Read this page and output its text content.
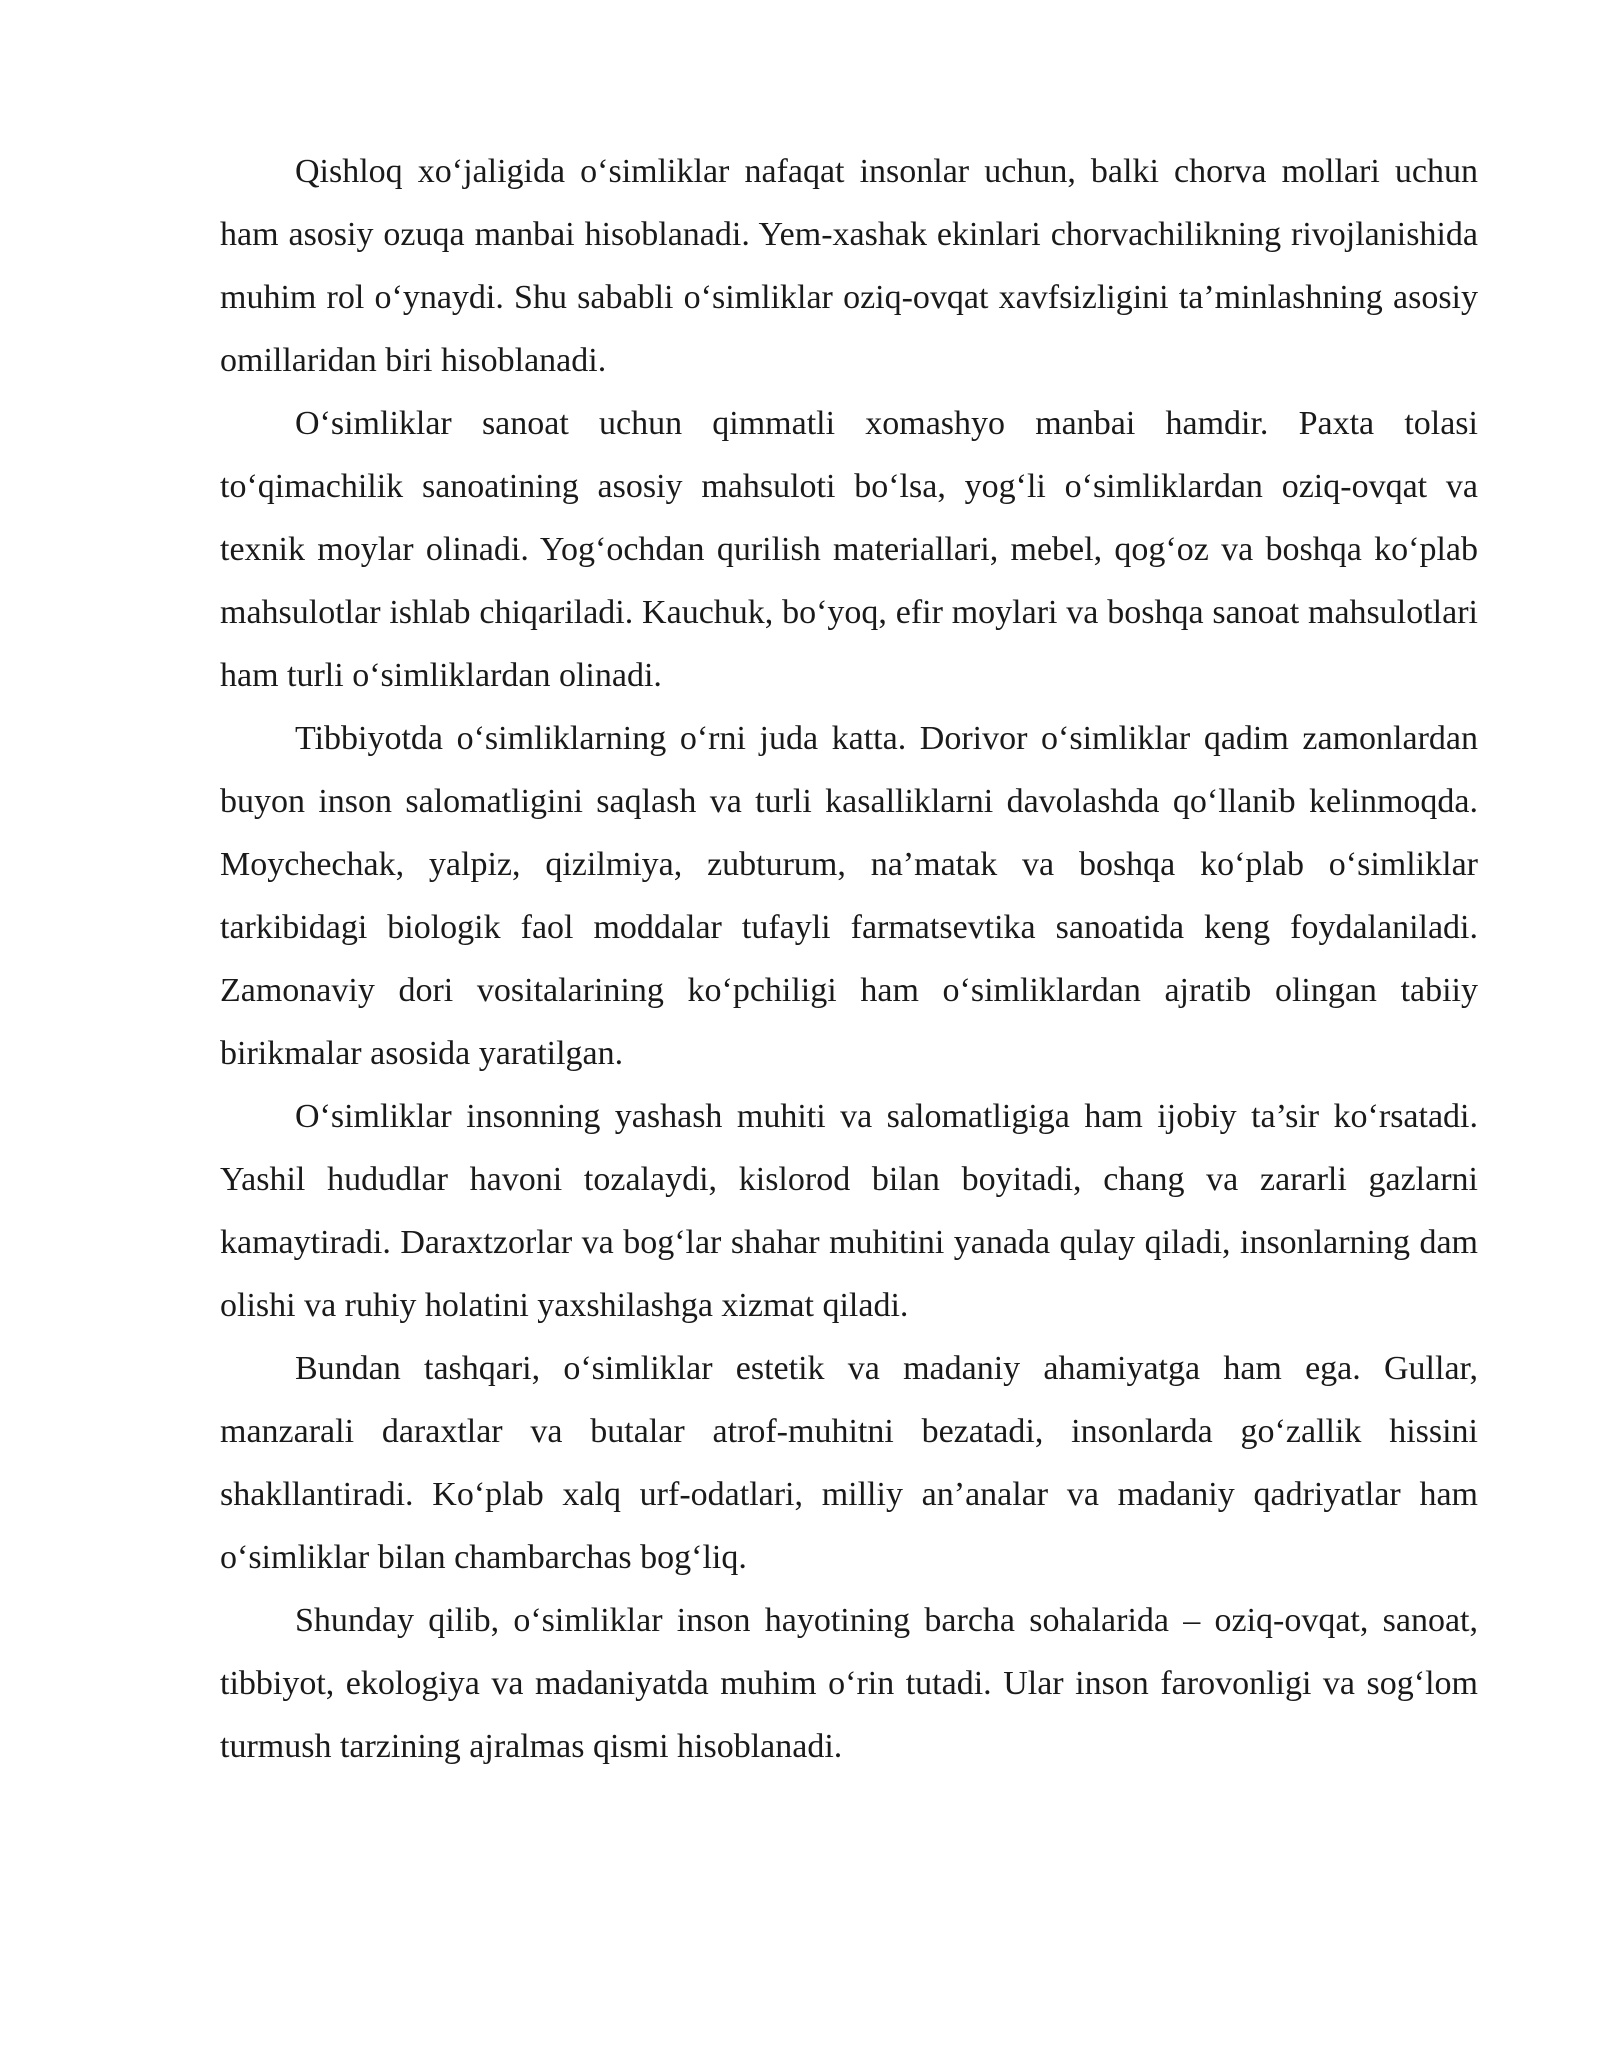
Qishloq xo‘jaligida o‘simliklar nafaqat insonlar uchun, balki chorva mollari uchun ham asosiy ozuqa manbai hisoblanadi. Yem-xashak ekinlari chorvachilikning rivojlanishida muhim rol o‘ynaydi. Shu sababli o‘simliklar oziq-ovqat xavfsizligini ta’minlashning asosiy omillaridan biri hisoblanadi.

O‘simliklar sanoat uchun qimmatli xomashyo manbai hamdir. Paxta tolasi to‘qimachilik sanoatining asosiy mahsuloti bo‘lsa, yog‘li o‘simliklardan oziq-ovqat va texnik moylar olinadi. Yog‘ochdan qurilish materiallari, mebel, qog‘oz va boshqa ko‘plab mahsulotlar ishlab chiqariladi. Kauchuk, bo‘yoq, efir moylari va boshqa sanoat mahsulotlari ham turli o‘simliklardan olinadi.

Tibbiyotda o‘simliklarning o‘rni juda katta. Dorivor o‘simliklar qadim zamonlardan buyon inson salomatligini saqlash va turli kasalliklarni davolashda qo‘llanib kelinmoqda. Moychechak, yalpiz, qizilmiya, zubturum, na’matak va boshqa ko‘plab o‘simliklar tarkibidagi biologik faol moddalar tufayli farmatsevtika sanoatida keng foydalaniladi. Zamonaviy dori vositalarining ko‘pchiligi ham o‘simliklardan ajratib olingan tabiiy birikmalar asosida yaratilgan.

O‘simliklar insonning yashash muhiti va salomatligiga ham ijobiy ta’sir ko‘rsatadi. Yashil hududlar havoni tozalaydi, kislorod bilan boyitadi, chang va zararli gazlarni kamaytiradi. Daraxtzorlar va bog‘lar shahar muhitini yanada qulay qiladi, insonlarning dam olishi va ruhiy holatini yaxshilashga xizmat qiladi.

Bundan tashqari, o‘simliklar estetik va madaniy ahamiyatga ham ega. Gullar, manzarali daraxtlar va butalar atrof-muhitni bezatadi, insonlarda go‘zallik hissini shakllantiradi. Ko‘plab xalq urf-odatlari, milliy an’analar va madaniy qadriyatlar ham o‘simliklar bilan chambarchas bog‘liq.

Shunday qilib, o‘simliklar inson hayotining barcha sohalarida – oziq-ovqat, sanoat, tibbiyot, ekologiya va madaniyatda muhim o‘rin tutadi. Ular inson farovonligi va sog‘lom turmush tarzining ajralmas qismi hisoblanadi.
